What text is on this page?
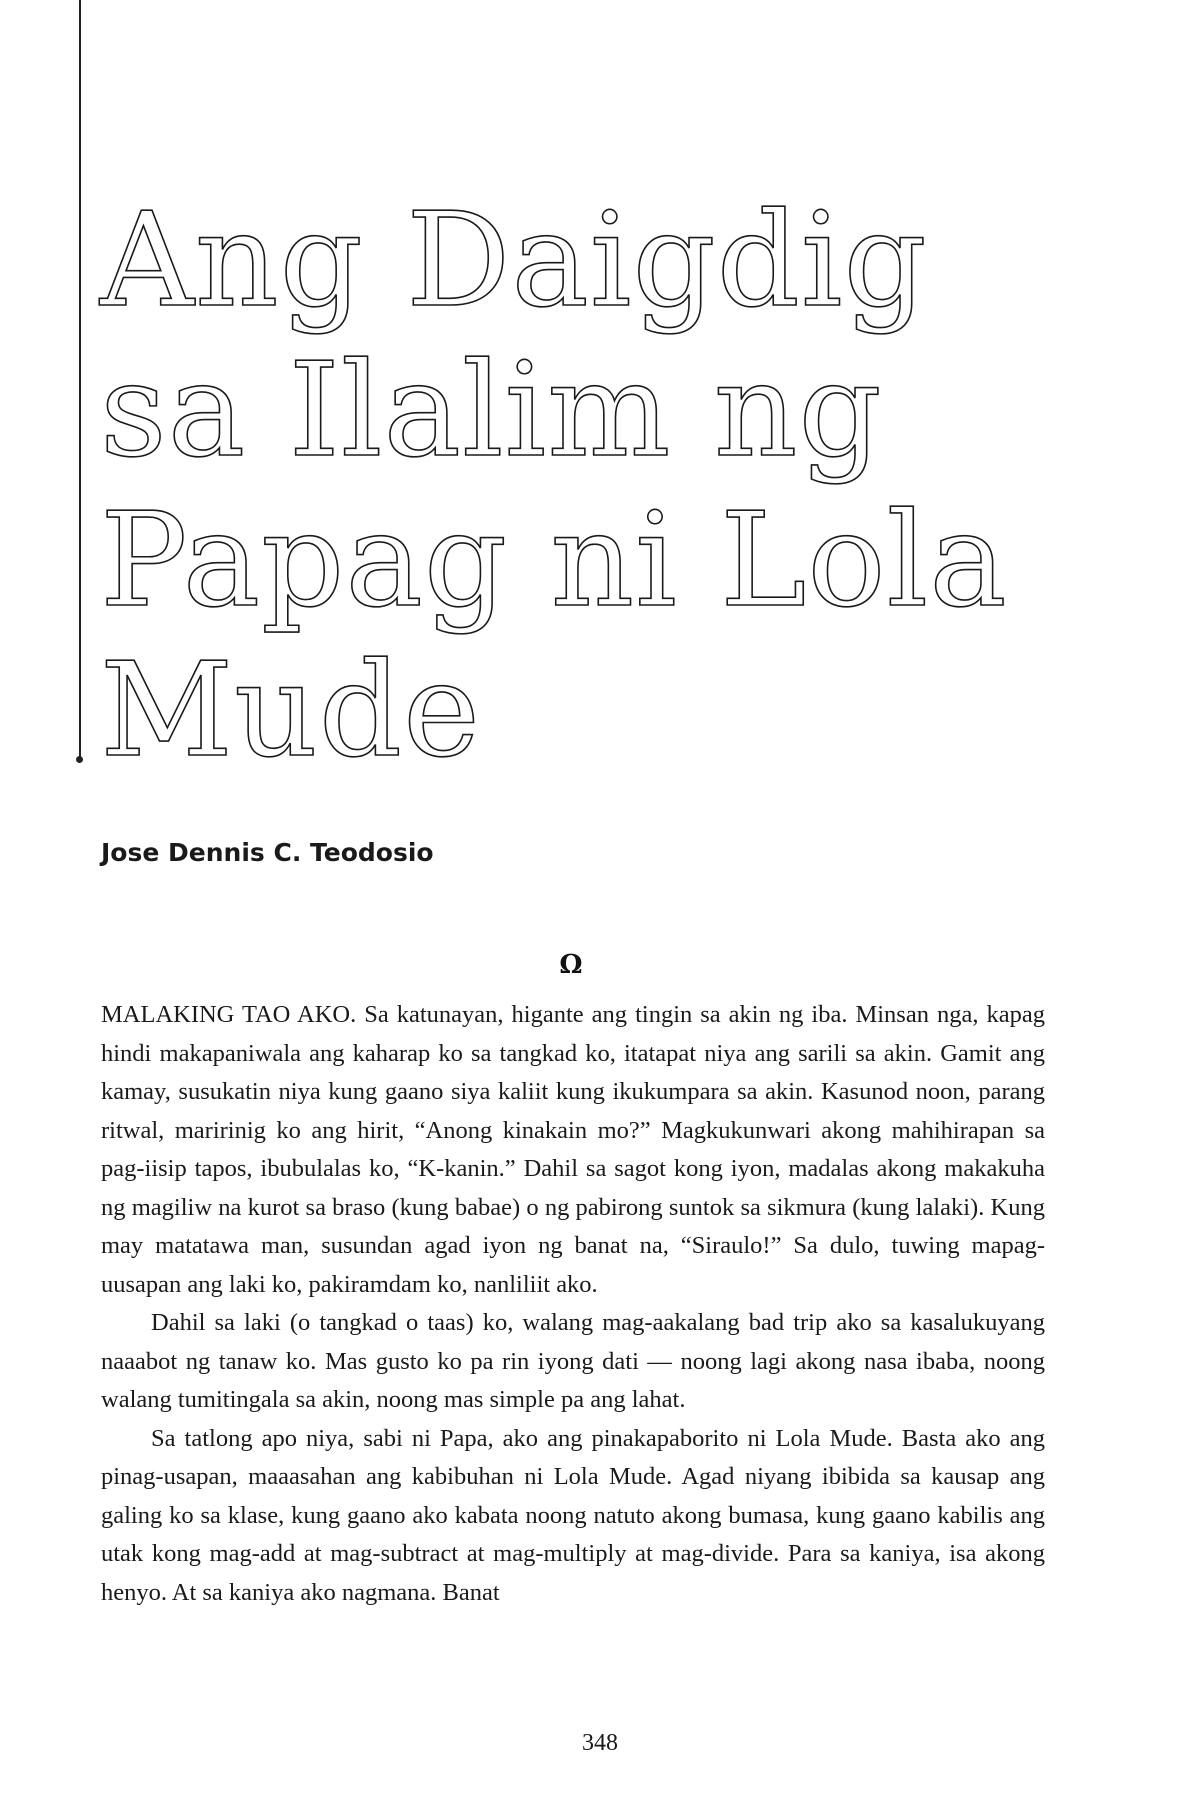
Ang Daigdig
sa Ilalim ng
Papag ni Lola
Mude
Jose Dennis C. Teodosio
Ω

MALAKING TAO AKO. Sa katunayan, higante ang tingin sa akin ng iba. Minsan nga, kapag hindi makapaniwala ang kaharap ko sa tangkad ko, itatapat niya ang sarili sa akin. Gamit ang kamay, susukatin niya kung gaano siya kaliit kung ikukumpara sa akin. Kasunod noon, parang ritwal, maririnig ko ang hirit, “Anong kinakain mo?” Magkukunwari akong mahihirapan sa pag-iisip tapos, ibubulalas ko, “K-kanin.” Dahil sa sagot kong iyon, madalas akong makakuha ng magiliw na kurot sa braso (kung babae) o ng pabirong suntok sa sikmura (kung lalaki). Kung may matatawa man, susundan agad iyon ng banat na, “Siraulo!” Sa dulo, tuwing mapag-uusapan ang laki ko, pakiramdam ko, nanliliit ako.

Dahil sa laki (o tangkad o taas) ko, walang mag-aakalang bad trip ako sa kasalukuyang naaabot ng tanaw ko. Mas gusto ko pa rin iyong dati — noong lagi akong nasa ibaba, noong walang tumitingala sa akin, noong mas simple pa ang lahat.

Sa tatlong apo niya, sabi ni Papa, ako ang pinakapaborito ni Lola Mude. Basta ako ang pinag-usapan, maaasahan ang kabibuhan ni Lola Mude. Agad niyang ibibida sa kausap ang galing ko sa klase, kung gaano ako kabata noong natuto akong bumasa, kung gaano kabilis ang utak kong mag-add at mag-subtract at mag-multiply at mag-divide. Para sa kaniya, isa akong henyo. At sa kaniya ako nagmana. Banat

348
